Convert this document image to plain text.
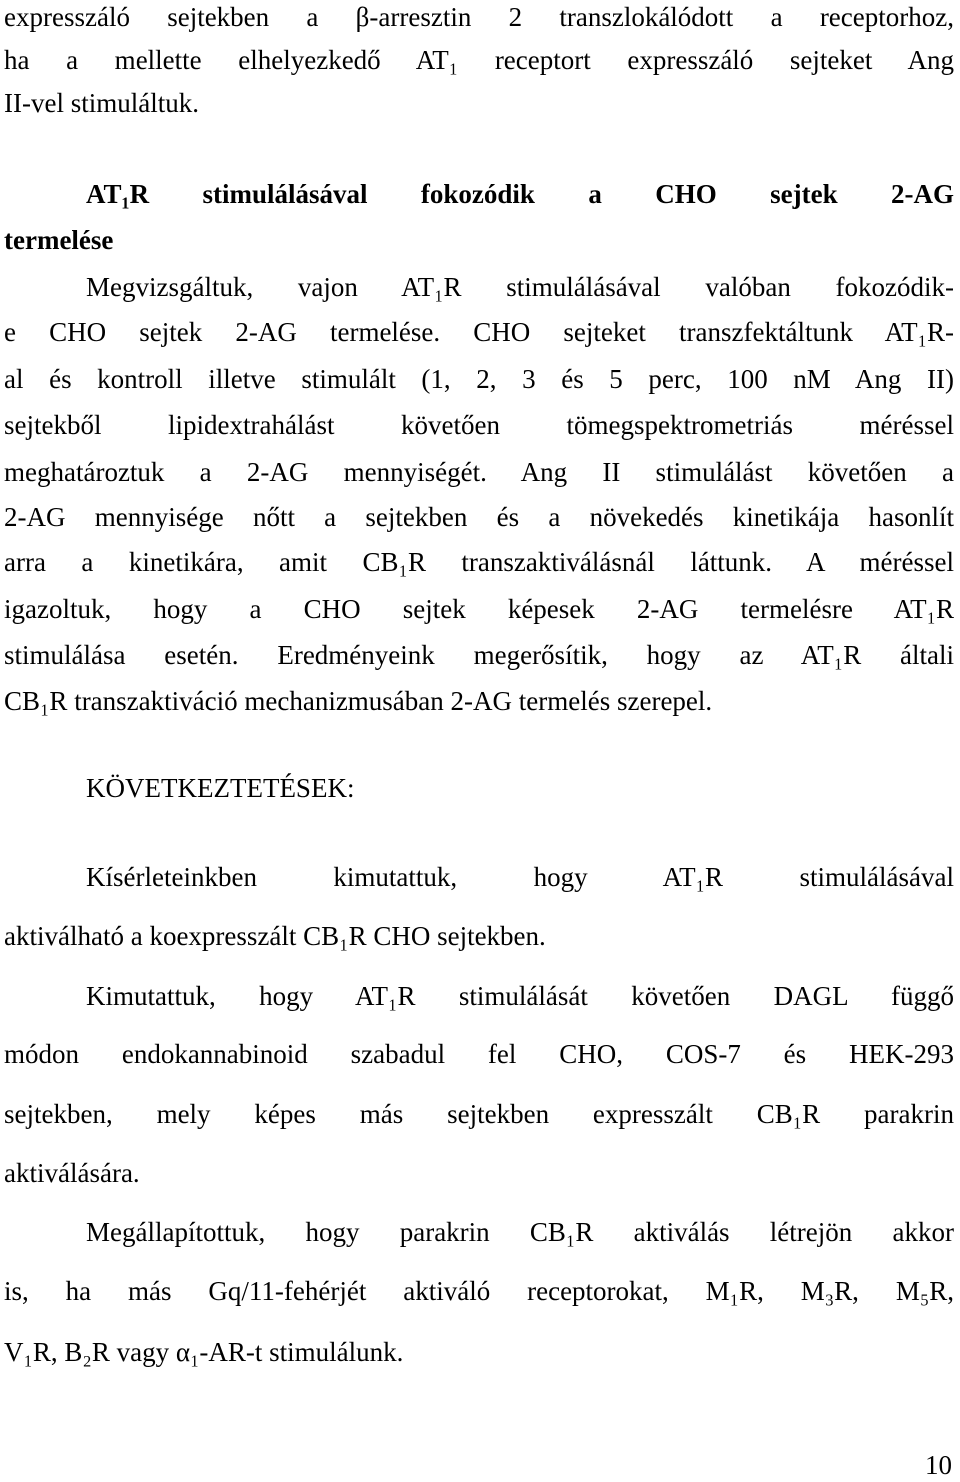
expresszáló sejtekben a β-arresztin 2 transzlokálódott a receptorhoz,
ha a mellette elhelyezkedő AT₁ receptort expresszáló sejteket Ang
II-vel stimuláltuk.
AT₁R stimulálásával fokozódik a CHO sejtek 2-AG
termelése
Megvizsgáltuk, vajon AT₁R stimulálásával valóban fokozódik-
e CHO sejtek 2-AG termelése. CHO sejteket transzfektáltunk AT₁R-
al és kontroll illetve stimulált (1, 2, 3 és 5 perc, 100 nM Ang II)
sejtekből lipidextrahálást követően tömegspektrometriás méréssel
meghatároztuk a 2-AG mennyiségét. Ang II stimulálást követően a
2-AG mennyisége nőtt a sejtekben és a növekedés kinetikája hasonlít
arra a kinetikára, amit CB₁R transzaktiválásnál láttunk. A méréssel
igazoltuk, hogy a CHO sejtek képesek 2-AG termelésre AT₁R
stimulálása esetén. Eredményeink megerősítik, hogy az AT₁R általi
CB₁R transzaktiváció mechanizmusában 2-AG termelés szerepel.
KÖVETKEZTETÉSEK:
Kísérleteinkben kimutattuk, hogy AT₁R stimulálásával
aktiválható a koexpresszált CB₁R CHO sejtekben.
Kimutattuk, hogy AT₁R stimulálását követően DAGL függő
módon endokannabinoid szabadul fel CHO, COS-7 és HEK-293
sejtekben, mely képes más sejtekben expresszált CB₁R parakrin
aktiválására.
Megállapítottuk, hogy parakrin CB₁R aktiválás létrejön akkor
is, ha más Gq/11-fehérjét aktiváló receptorokat, M₁R, M₃R, M₅R,
V₁R, B₂R vagy α₁-AR-t stimulálunk.
10
